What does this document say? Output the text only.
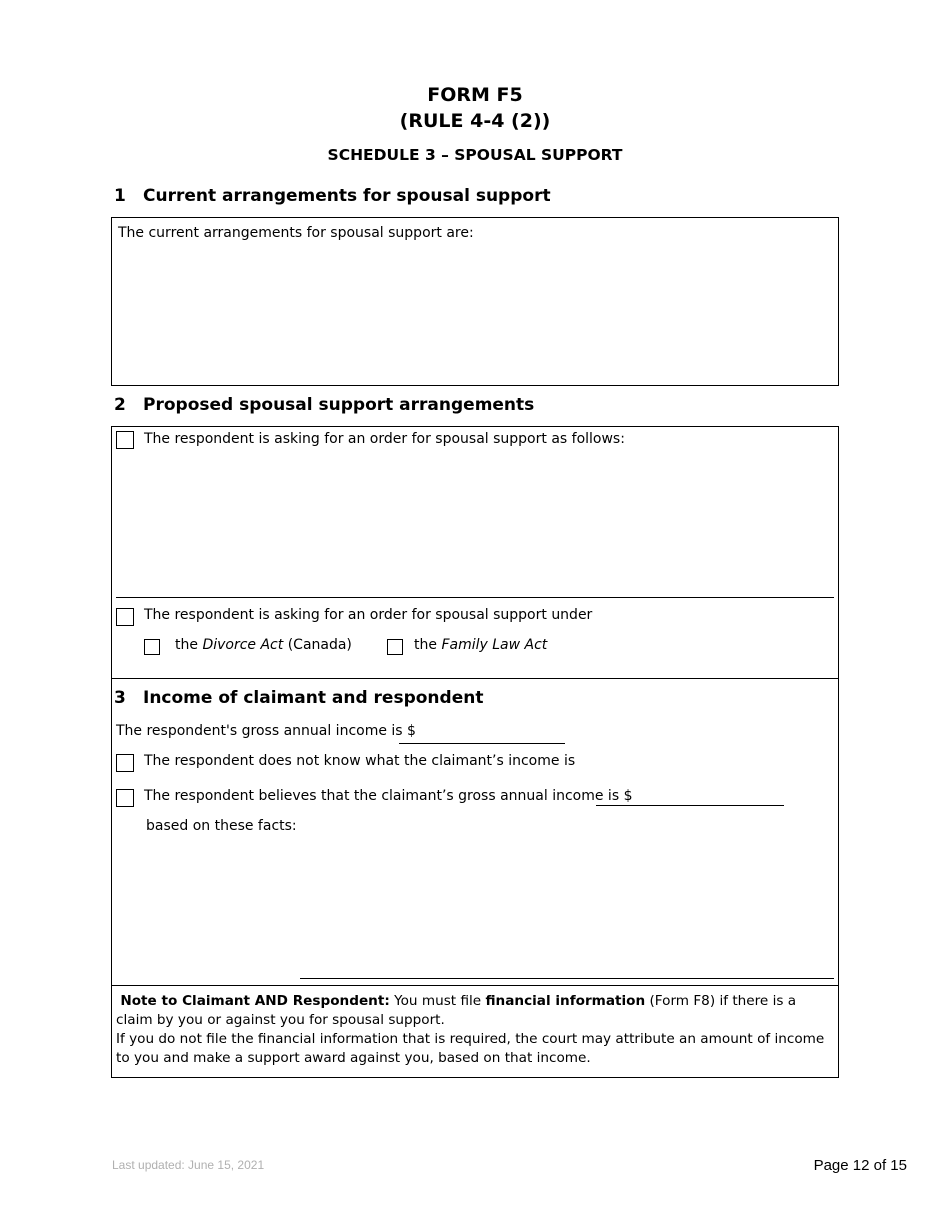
FORM F5
(RULE 4-4 (2))
SCHEDULE 3 – SPOUSAL SUPPORT
1 Current arrangements for spousal support
The current arrangements for spousal support are:
2 Proposed spousal support arrangements
The respondent is asking for an order for spousal support as follows:
The respondent is asking for an order for spousal support under
the Divorce Act (Canada)	the Family Law Act
3 Income of claimant and respondent
The respondent's gross annual income is $
The respondent does not know what the claimant’s income is
The respondent believes that the claimant’s gross annual income is $
based on these facts:
Note to Claimant AND Respondent: You must file financial information (Form F8) if there is a claim by you or against you for spousal support.
If you do not file the financial information that is required, the court may attribute an amount of income to you and make a support award against you, based on that income.
Last updated: June 15, 2021	Page 12 of 15
